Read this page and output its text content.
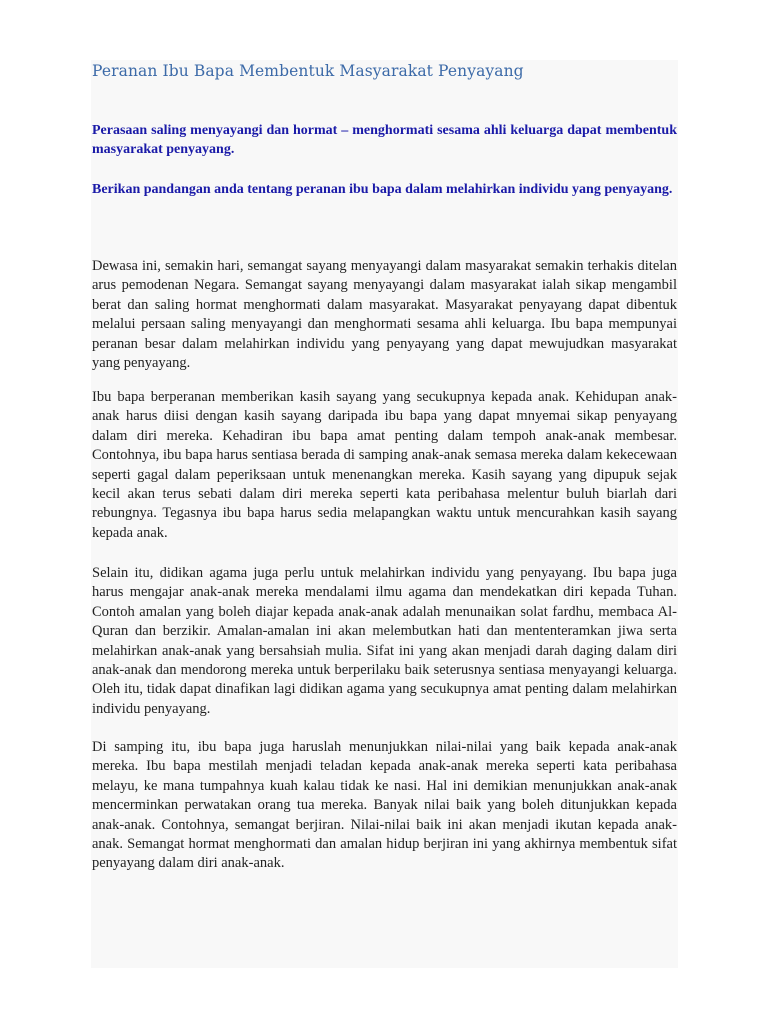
Peranan Ibu Bapa Membentuk Masyarakat Penyayang

Perasaan saling menyayangi dan hormat – menghormati sesama ahli keluarga dapat membentuk masyarakat penyayang.

Berikan pandangan anda tentang peranan ibu bapa dalam melahirkan individu yang penyayang.

Dewasa ini, semakin hari, semangat sayang menyayangi dalam masyarakat semakin terhakis ditelan arus pemodenan Negara. Semangat sayang menyayangi dalam masyarakat ialah sikap mengambil berat dan saling hormat menghormati dalam masyarakat. Masyarakat penyayang dapat dibentuk melalui persaan saling menyayangi dan menghormati sesama ahli keluarga. Ibu bapa mempunyai peranan besar dalam melahirkan individu yang penyayang yang dapat mewujudkan masyarakat yang penyayang.

Ibu bapa berperanan memberikan kasih sayang yang secukupnya kepada anak. Kehidupan anak-anak harus diisi dengan kasih sayang daripada ibu bapa yang dapat mnyemai sikap penyayang dalam diri mereka. Kehadiran ibu bapa amat penting dalam tempoh anak-anak membesar. Contohnya, ibu bapa harus sentiasa berada di samping anak-anak semasa mereka dalam kekecewaan seperti gagal dalam peperiksaan untuk menenangkan mereka. Kasih sayang yang dipupuk sejak kecil akan terus sebati dalam diri mereka seperti kata peribahasa melentur buluh biarlah dari rebungnya. Tegasnya ibu bapa harus sedia melapangkan waktu untuk mencurahkan kasih sayang kepada anak.

Selain itu, didikan agama juga perlu untuk melahirkan individu yang penyayang. Ibu bapa juga harus mengajar anak-anak mereka mendalami ilmu agama dan mendekatkan diri kepada Tuhan. Contoh amalan yang boleh diajar kepada anak-anak adalah menunaikan solat fardhu, membaca Al-Quran dan berzikir. Amalan-amalan ini akan melembutkan hati dan mententeramkan jiwa serta melahirkan anak-anak yang bersahsiah mulia. Sifat ini yang akan menjadi darah daging dalam diri anak-anak dan mendorong mereka untuk berperilaku baik seterusnya sentiasa menyayangi keluarga. Oleh itu, tidak dapat dinafikan lagi didikan agama yang secukupnya amat penting dalam melahirkan individu penyayang.

Di samping itu, ibu bapa juga haruslah menunjukkan nilai-nilai yang baik kepada anak-anak mereka. Ibu bapa mestilah menjadi teladan kepada anak-anak mereka seperti kata peribahasa melayu, ke mana tumpahnya kuah kalau tidak ke nasi. Hal ini demikian menunjukkan anak-anak mencerminkan perwatakan orang tua mereka. Banyak nilai baik yang boleh ditunjukkan kepada anak-anak. Contohnya, semangat berjiran. Nilai-nilai baik ini akan menjadi ikutan kepada anak-anak. Semangat hormat menghormati dan amalan hidup berjiran ini yang akhirnya membentuk sifat penyayang dalam diri anak-anak.
